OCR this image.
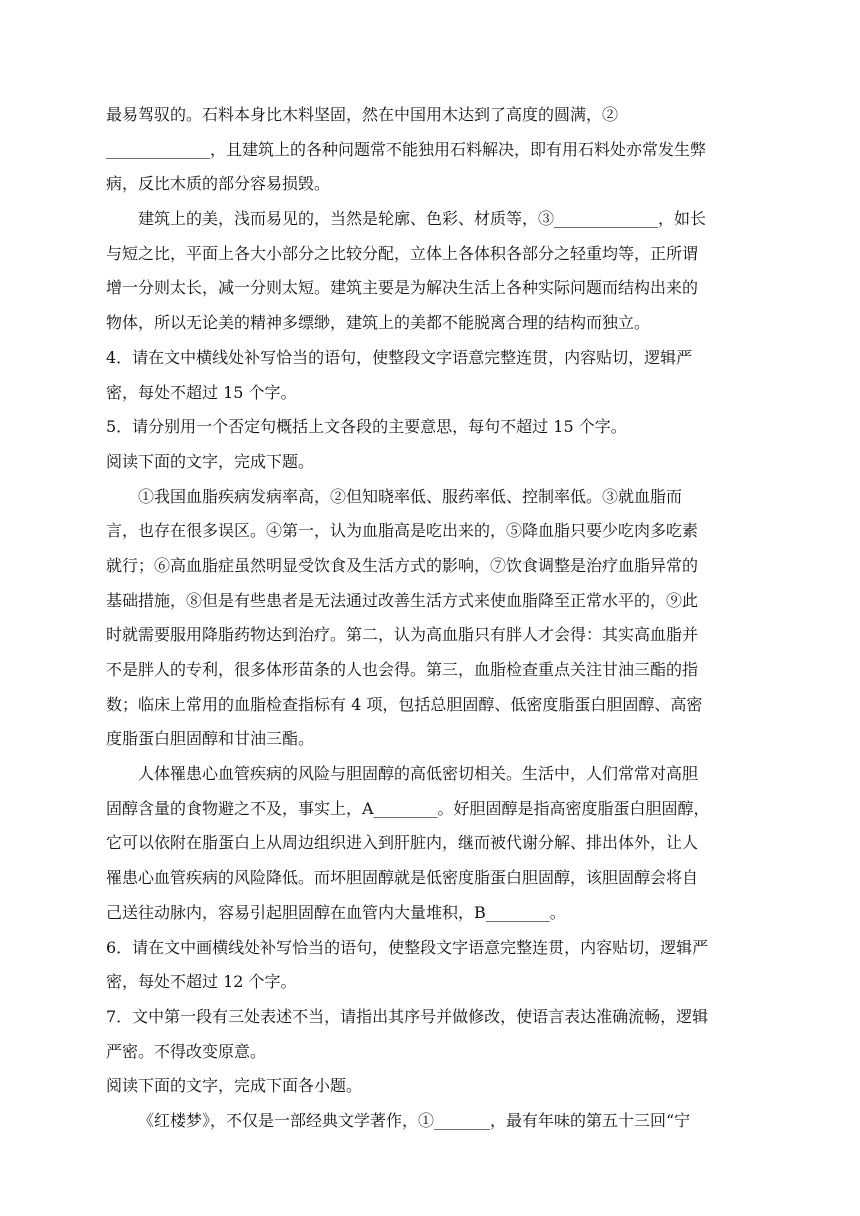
最易驾驭的。石料本身比木料坚固，然在中国用木达到了高度的圆满，②
_____________，且建筑上的各种问题常不能独用石料解决，即有用石料处亦常发生弊
病，反比木质的部分容易损毁。
建筑上的美，浅而易见的，当然是轮廓、色彩、材质等，③_____________，如长
与短之比，平面上各大小部分之比较分配，立体上各体积各部分之轻重均等，正所谓
增一分则太长，减一分则太短。建筑主要是为解决生活上各种实际问题而结构出来的
物体，所以无论美的精神多缥缈，建筑上的美都不能脱离合理的结构而独立。
4．请在文中横线处补写恰当的语句，使整段文字语意完整连贯，内容贴切，逻辑严
密，每处不超过 15 个字。
5．请分别用一个否定句概括上文各段的主要意思，每句不超过 15 个字。
阅读下面的文字，完成下题。
①我国血脂疾病发病率高，②但知晓率低、服药率低、控制率低。③就血脂而
言，也存在很多误区。④第一，认为血脂高是吃出来的，⑤降血脂只要少吃肉多吃素
就行；⑥高血脂症虽然明显受饮食及生活方式的影响，⑦饮食调整是治疗血脂异常的
基础措施，⑧但是有些患者是无法通过改善生活方式来使血脂降至正常水平的，⑨此
时就需要服用降脂药物达到治疗。第二，认为高血脂只有胖人才会得：其实高血脂并
不是胖人的专利，很多体形苗条的人也会得。第三，血脂检查重点关注甘油三酯的指
数；临床上常用的血脂检查指标有 4 项，包括总胆固醇、低密度脂蛋白胆固醇、高密
度脂蛋白胆固醇和甘油三酯。
人体罹患心血管疾病的风险与胆固醇的高低密切相关。生活中，人们常常对高胆
固醇含量的食物避之不及，事实上，A________。好胆固醇是指高密度脂蛋白胆固醇，
它可以依附在脂蛋白上从周边组织进入到肝脏内，继而被代谢分解、排出体外，让人
罹患心血管疾病的风险降低。而坏胆固醇就是低密度脂蛋白胆固醇，该胆固醇会将自
己送往动脉内，容易引起胆固醇在血管内大量堆积，B________。
6．请在文中画横线处补写恰当的语句，使整段文字语意完整连贯，内容贴切，逻辑严
密，每处不超过 12 个字。
7．文中第一段有三处表述不当，请指出其序号并做修改，使语言表达准确流畅，逻辑
严密。不得改变原意。
阅读下面的文字，完成下面各小题。
《红楼梦》，不仅是一部经典文学著作，①_______，最有年味的第五十三回“宁
